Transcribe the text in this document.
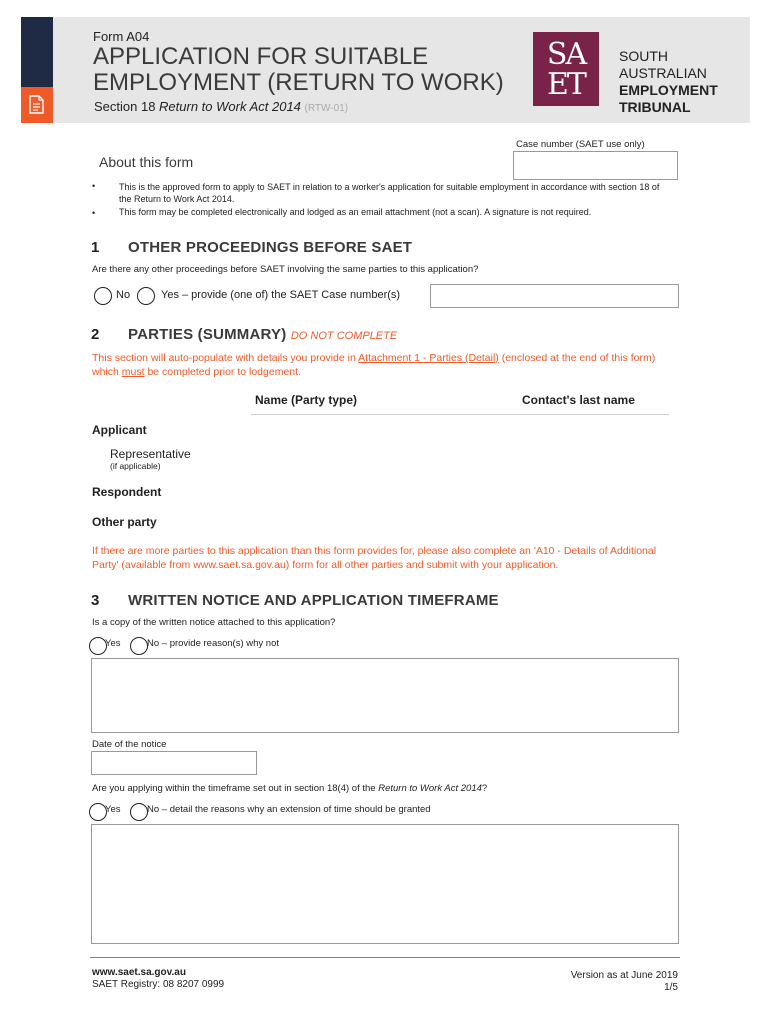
Form A04
APPLICATION FOR SUITABLE
EMPLOYMENT (RETURN TO WORK)
Section 18 Return to Work Act 2014 (RTW-01)
SA ET
SOUTH
AUSTRALIAN
EMPLOYMENT
TRIBUNAL
Case number (SAET use only)
About this form
•	This is the approved form to apply to SAET in relation to a worker's application for suitable employment in accordance with section 18 of the Return to Work Act 2014.
•	This form may be completed electronically and lodged as an email attachment (not a scan). A signature is not required.
1 OTHER PROCEEDINGS BEFORE SAET
Are there any other proceedings before SAET involving the same parties to this application?
No	Yes – provide (one of) the SAET Case number(s)
2 PARTIES (SUMMARY) DO NOT COMPLETE
This section will auto-populate with details you provide in Attachment 1 - Parties (Detail) (enclosed at the end of this form) which must be completed prior to lodgement.
Name (Party type)	Contact's last name
Applicant
Representative
(if applicable)
Respondent
Other party
If there are more parties to this application than this form provides for, please also complete an 'A10 - Details of Additional Party' (available from www.saet.sa.gov.au) form for all other parties and submit with your application.
3 WRITTEN NOTICE AND APPLICATION TIMEFRAME
Is a copy of the written notice attached to this application?
Yes	No – provide reason(s) why not
Date of the notice
Are you applying within the timeframe set out in section 18(4) of the Return to Work Act 2014?
Yes	No – detail the reasons why an extension of time should be granted
www.saet.sa.gov.au
SAET Registry: 08 8207 0999
Version as at June 2019
1/5
